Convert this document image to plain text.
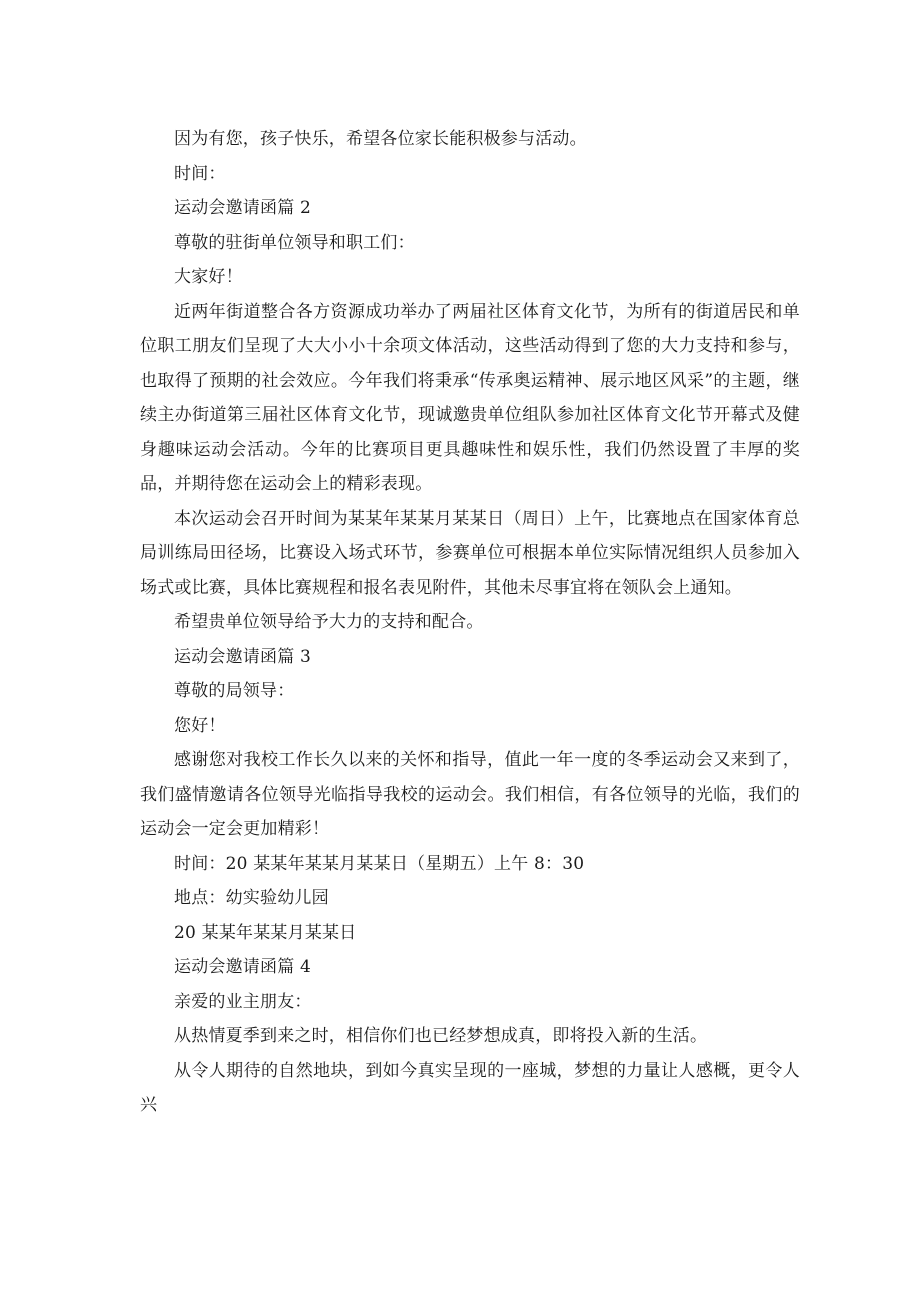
因为有您，孩子快乐，希望各位家长能积极参与活动。

时间：

运动会邀请函篇 2

尊敬的驻街单位领导和职工们：

大家好！

近两年街道整合各方资源成功举办了两届社区体育文化节，为所有的街道居民和单位职工朋友们呈现了大大小小十余项文体活动，这些活动得到了您的大力支持和参与，也取得了预期的社会效应。今年我们将秉承“传承奥运精神、展示地区风采”的主题，继续主办街道第三届社区体育文化节，现诚邀贵单位组队参加社区体育文化节开幕式及健身趣味运动会活动。今年的比赛项目更具趣味性和娱乐性，我们仍然设置了丰厚的奖品，并期待您在运动会上的精彩表现。

本次运动会召开时间为某某年某某月某某日（周日）上午，比赛地点在国家体育总局训练局田径场，比赛设入场式环节，参赛单位可根据本单位实际情况组织人员参加入场式或比赛，具体比赛规程和报名表见附件，其他未尽事宜将在领队会上通知。

希望贵单位领导给予大力的支持和配合。

运动会邀请函篇 3

尊敬的局领导：

您好！

感谢您对我校工作长久以来的关怀和指导，值此一年一度的冬季运动会又来到了，我们盛情邀请各位领导光临指导我校的运动会。我们相信，有各位领导的光临，我们的运动会一定会更加精彩！

时间：20 某某年某某月某某日（星期五）上午 8：30

地点：幼实验幼儿园

20 某某年某某月某某日

运动会邀请函篇 4

亲爱的业主朋友：

从热情夏季到来之时，相信你们也已经梦想成真，即将投入新的生活。

从令人期待的自然地块，到如今真实呈现的一座城，梦想的力量让人感概，更令人兴
